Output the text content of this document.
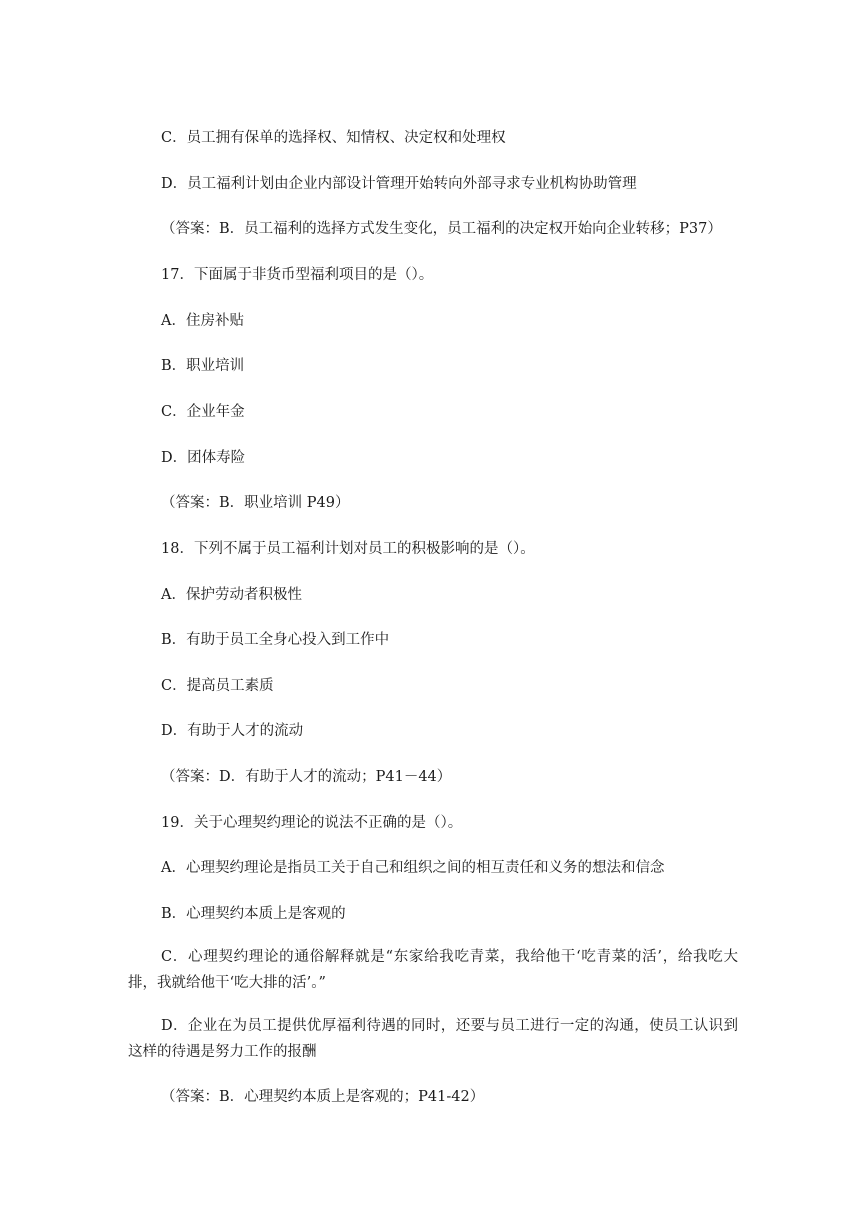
C．员工拥有保单的选择权、知情权、决定权和处理权
D．员工福利计划由企业内部设计管理开始转向外部寻求专业机构协助管理
（答案：B．员工福利的选择方式发生变化，员工福利的决定权开始向企业转移；P37）
17．下面属于非货币型福利项目的是（）。
A．住房补贴
B．职业培训
C．企业年金
D．团体寿险
（答案：B．职业培训 P49）
18．下列不属于员工福利计划对员工的积极影响的是（）。
A．保护劳动者积极性
B．有助于员工全身心投入到工作中
C．提高员工素质
D．有助于人才的流动
（答案：D．有助于人才的流动；P41－44）
19．关于心理契约理论的说法不正确的是（）。
A．心理契约理论是指员工关于自己和组织之间的相互责任和义务的想法和信念
B．心理契约本质上是客观的
C．心理契约理论的通俗解释就是“东家给我吃青菜，我给他干‘吃青菜的活’，给我吃大排，我就给他干‘吃大排的活’。”
D．企业在为员工提供优厚福利待遇的同时，还要与员工进行一定的沟通，使员工认识到这样的待遇是努力工作的报酬
（答案：B．心理契约本质上是客观的；P41-42）
